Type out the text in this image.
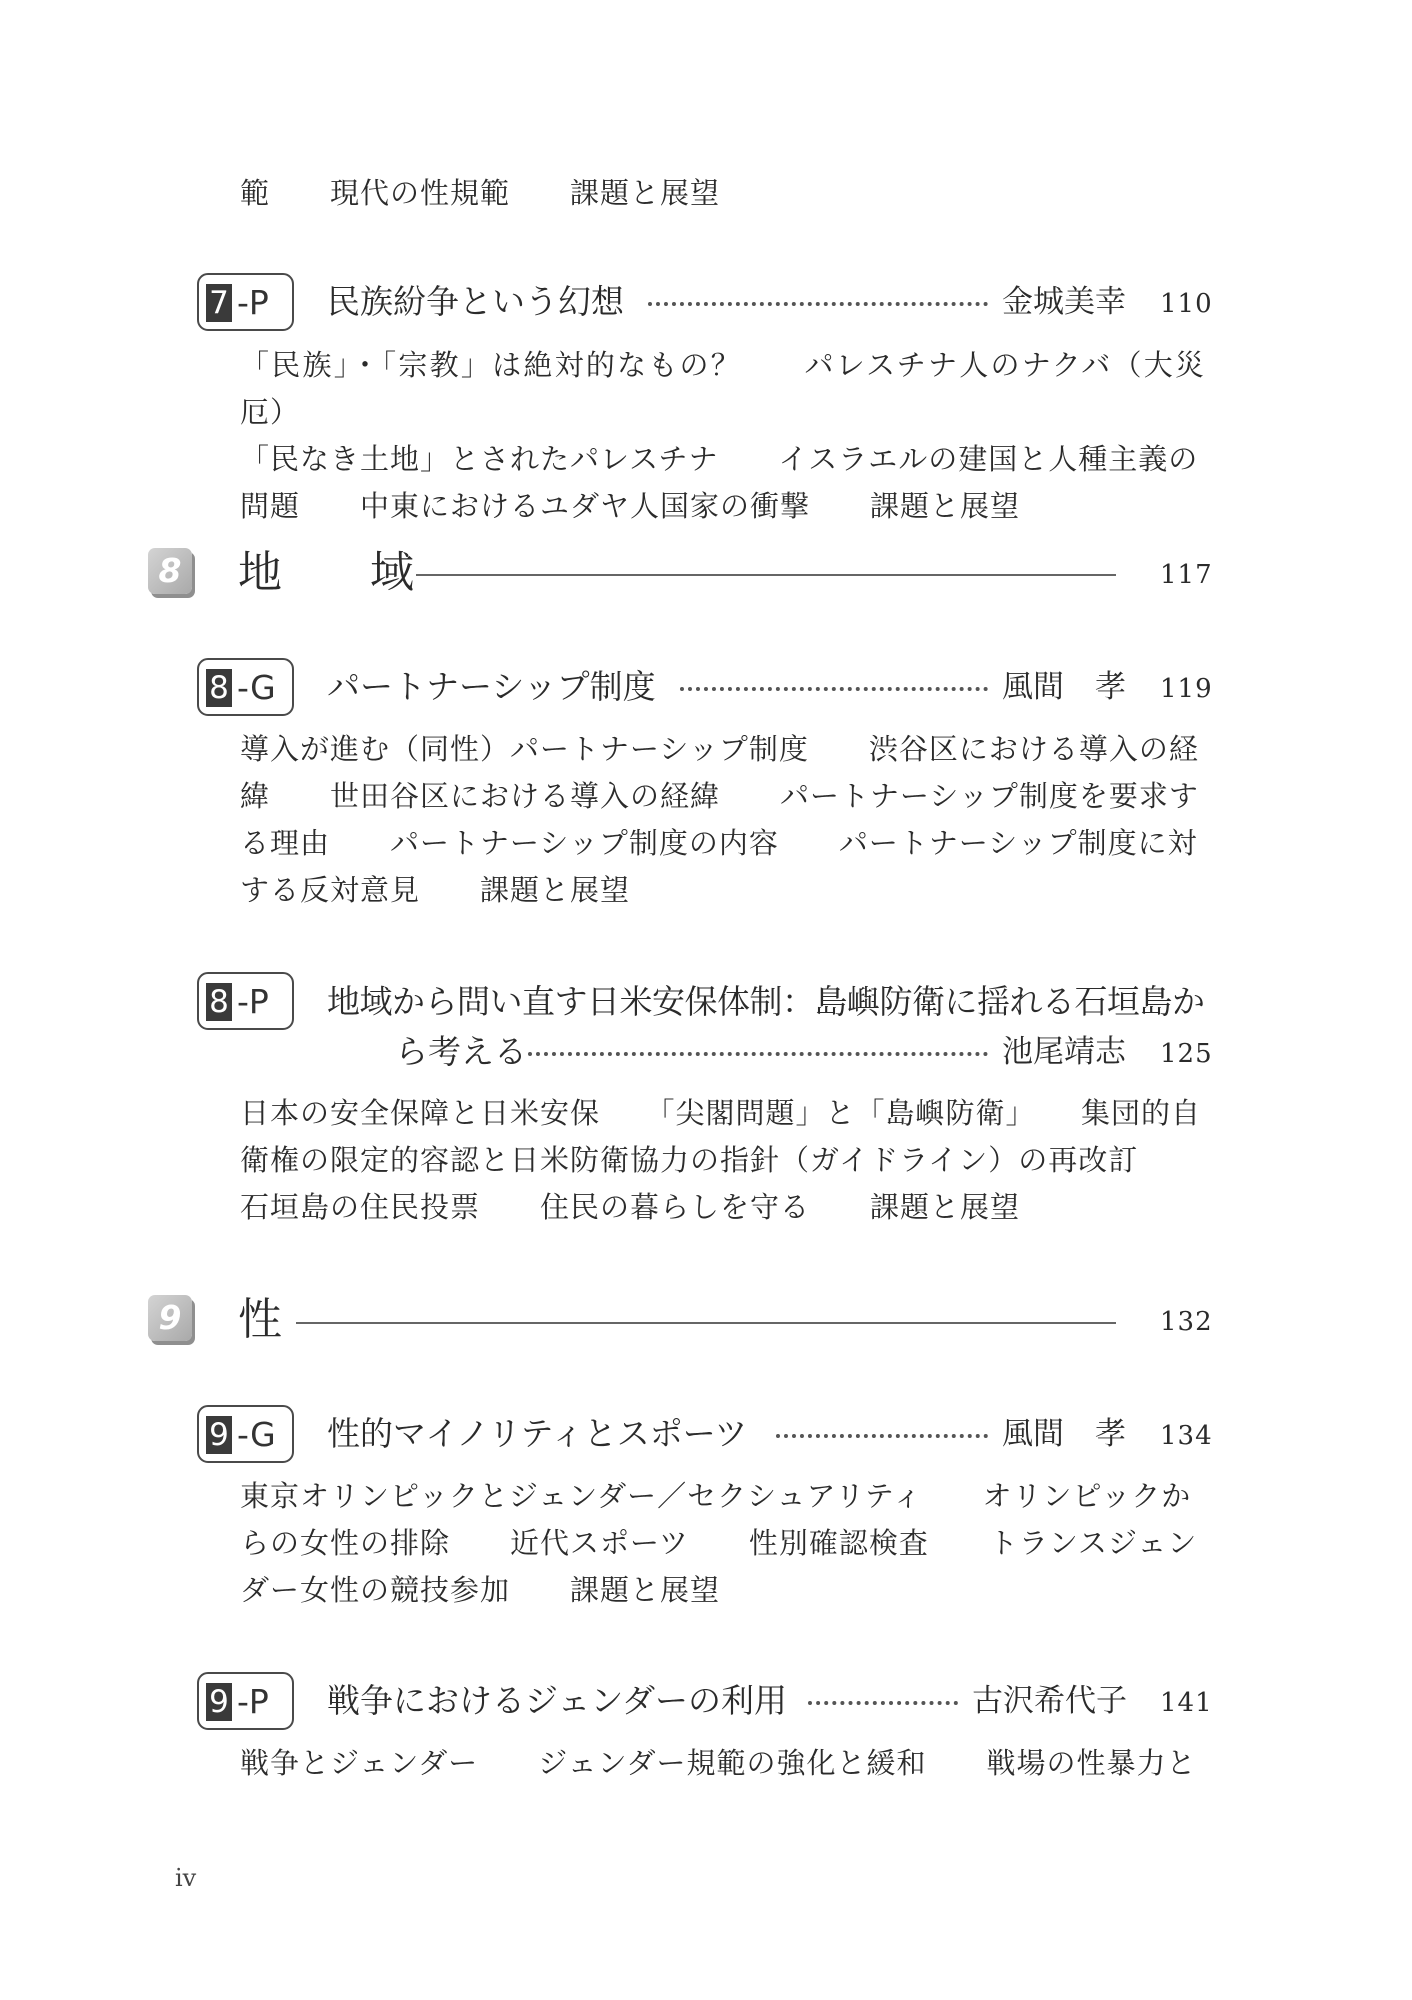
範　　現代の性規範　　課題と展望
7 -P 民族紛争という幻想	金城美幸 110
「民族」・「宗教」は絶対的なもの？　　パレスチナ人のナクバ（大災厄）
「民なき土地」とされたパレスチナ　　イスラエルの建国と人種主義の
問題　　中東におけるユダヤ人国家の衝撃　　課題と展望
8 地　　域	117
8 -G パートナーシップ制度	風間　孝 119
導入が進む（同性）パートナーシップ制度　　渋谷区における導入の経
緯　　世田谷区における導入の経緯　　パートナーシップ制度を要求す
る理由　　パートナーシップ制度の内容　　パートナーシップ制度に対
する反対意見　　課題と展望
8 -P 地域から問い直す日米安保体制：島嶼防衛に揺れる石垣島か
ら考える	池尾靖志 125
日本の安全保障と日米安保　　「尖閣問題」と「島嶼防衛」　　集団的自
衛権の限定的容認と日米防衛協力の指針（ガイドライン）の再改訂
石垣島の住民投票　　住民の暮らしを守る　　課題と展望
9 性	132
9 -G 性的マイノリティとスポーツ	風間　孝 134
東京オリンピックとジェンダー／セクシュアリティ　　オリンピックか
らの女性の排除　　近代スポーツ　　性別確認検査　　トランスジェン
ダー女性の競技参加　　課題と展望
9 -P 戦争におけるジェンダーの利用	古沢希代子 141
戦争とジェンダー　　ジェンダー規範の強化と緩和　　戦場の性暴力と
iv
